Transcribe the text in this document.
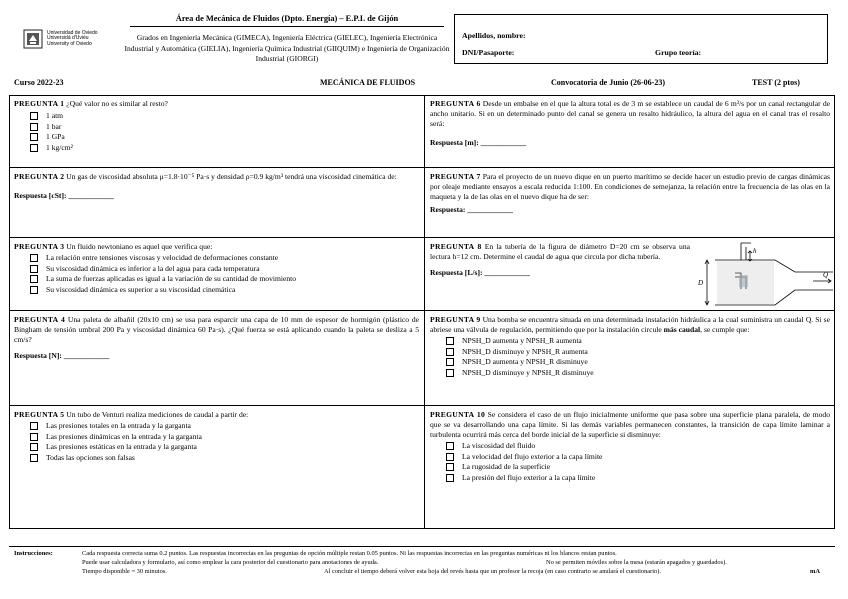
Universidad de Oviedo
Universidá d'Uviéu
University of Oviedo
Área de Mecánica de Fluidos (Dpto. Energía) – E.P.I. de Gijón
Grados en Ingeniería Mecánica (GIMECA), Ingeniería Eléctrica (GIELEC), Ingeniería Electrónica Industrial y Automática (GIELIA), Ingeniería Química Industrial (GIIQUIM) e Ingeniería de Organización Industrial (GIORGI)
Apellidos, nombre:
DNI/Pasaporte:	Grupo teoría:
Curso 2022-23	MECÁNICA DE FLUIDOS	Convocatoria de Junio (26-06-23)	TEST (2 ptos)
PREGUNTA 1 ¿Qué valor no es similar al resto?
1 atm
1 bar
1 GPa
1 kg/cm²
PREGUNTA 6 Desde un embalse en el que la altura total es de 3 m se establece un caudal de 6 m³/s por un canal rectangular de ancho unitario. Si en un determinado punto del canal se genera un resalto hidráulico, la altura del agua en el canal tras el resalto será:
Respuesta [m]: ____________
PREGUNTA 2 Un gas de viscosidad absoluta μ=1.8·10⁻⁵ Pa·s y densidad ρ=0.9 kg/m³ tendrá una viscosidad cinemática de:
Respuesta [cSt]: ____________
PREGUNTA 7 Para el proyecto de un nuevo dique en un puerto marítimo se decide hacer un estudio previo de cargas dinámicas por oleaje mediante ensayos a escala reducida 1:100. En condiciones de semejanza, la relación entre la frecuencia de las olas en la maqueta y la de las olas en el nuevo dique ha de ser:
Respuesta: ____________
PREGUNTA 3 Un fluido newtoniano es aquel que verifica que:
La relación entre tensiones viscosas y velocidad de deformaciones constante
Su viscosidad dinámica es inferior a la del agua para cada temperatura
La suma de fuerzas aplicadas es igual a la variación de su cantidad de movimiento
Su viscosidad dinámica es superior a su viscosidad cinemática
PREGUNTA 8 En la tubería de la figura de diámetro D=20 cm se observa una lectura h=12 cm. Determine el caudal de agua que circula por dicha tubería.
Respuesta [L/s]: ____________
h
D
Q
PREGUNTA 4 Una paleta de albañil (20x10 cm) se usa para esparcir una capa de 10 mm de espesor de hormigón (plástico de Bingham de tensión umbral 200 Pa y viscosidad dinámica 60 Pa·s). ¿Qué fuerza se está aplicando cuando la paleta se desliza a 5 cm/s?
Respuesta [N]: ____________
PREGUNTA 9 Una bomba se encuentra situada en una determinada instalación hidráulica a la cual suministra un caudal Q. Si se abriese una válvula de regulación, permitiendo que por la instalación circule más caudal, se cumple que:
NPSH_D aumenta y NPSH_R aumenta
NPSH_D disminuye y NPSH_R aumenta
NPSH_D aumenta y NPSH_R disminuye
NPSH_D disminuye y NPSH_R disminuye
PREGUNTA 5 Un tubo de Venturi realiza mediciones de caudal a partir de:
Las presiones totales en la entrada y la garganta
Las presiones dinámicas en la entrada y la garganta
Las presiones estáticas en la entrada y la garganta
Todas las opciones son falsas
PREGUNTA 10 Se considera el caso de un flujo inicialmente uniforme que pasa sobre una superficie plana paralela, de modo que se va desarrollando una capa límite. Si las demás variables permanecen constantes, la transición de capa límite laminar a turbulenta ocurrirá más cerca del borde inicial de la superficie si disminuye:
La viscosidad del fluido
La velocidad del flujo exterior a la capa límite
La rugosidad de la superficie
La presión del flujo exterior a la capa límite
Instrucciones:	Cada respuesta correcta suma 0.2 puntos. Las respuestas incorrectas en las preguntas de opción múltiple restan 0.05 puntos. Ni las respuestas incorrectas en las preguntas numéricas ni los blancos restan puntos.
Puede usar calculadora y formulario, así como emplear la cara posterior del cuestionario para anotaciones de ayuda.	No se permiten móviles sobre la mesa (estarán apagados y guardados).
Tiempo disponible = 30 minutos.	Al concluir el tiempo deberá volver esta hoja del revés hasta que un profesor la recoja (en caso contrario se anulará el cuestionario).	mA
